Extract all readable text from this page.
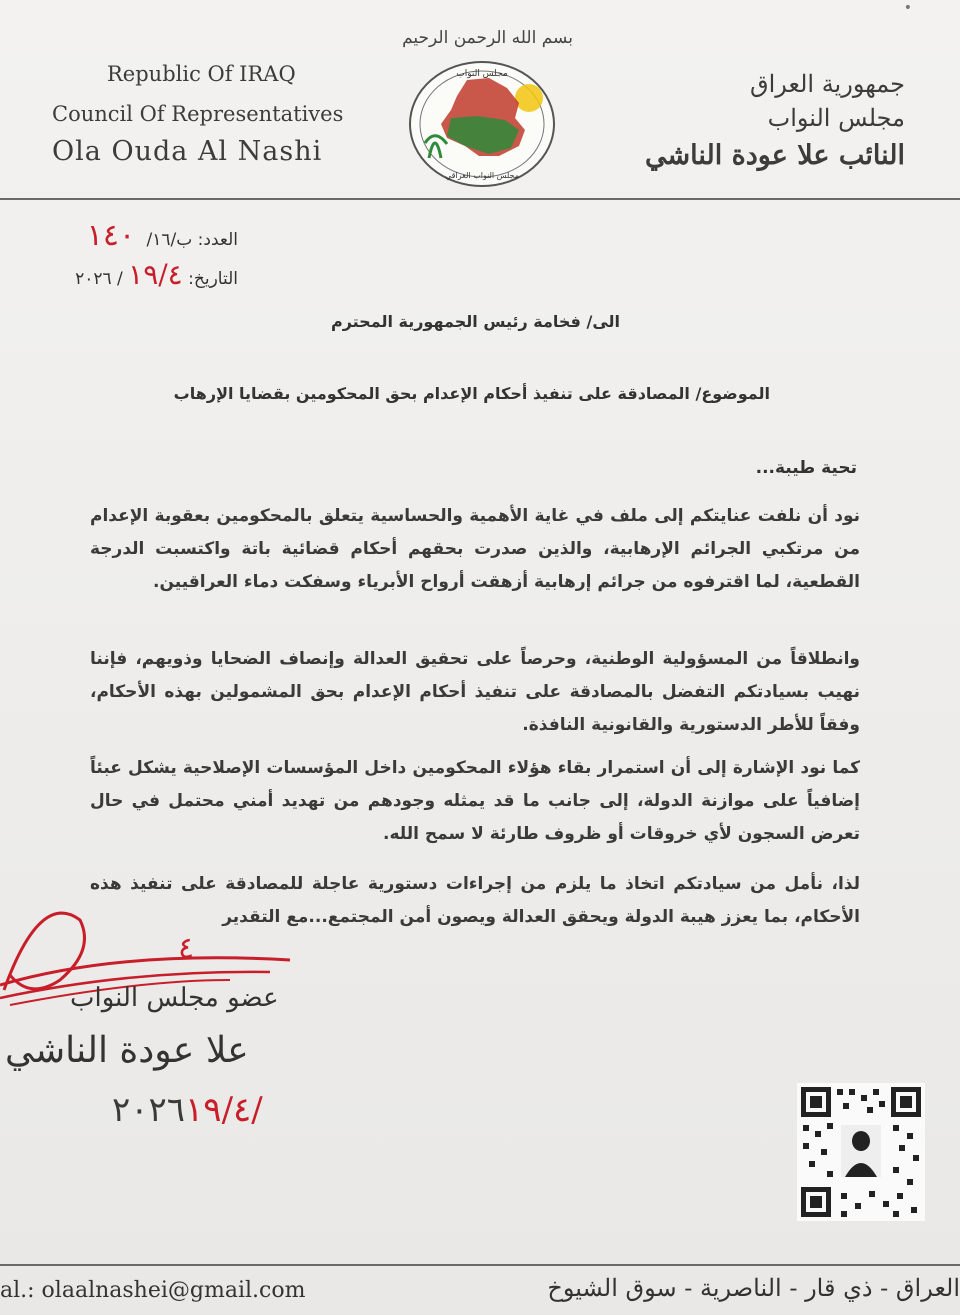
•
بسم الله الرحمن الرحيم
مجلس النواب
مجلس النواب العراقي
Republic Of IRAQ
Council Of Representatives
Ola Ouda Al Nashi
جمهورية العراق
مجلس النواب
النائب علا عودة الناشي
العدد: ب/١٦/ ١٤٠
التاريخ: ١٩/٤ / ٢٠٢٦
الى/ فخامة رئيس الجمهورية المحترم
الموضوع/ المصادقة على تنفيذ أحكام الإعدام بحق المحكومين بقضايا الإرهاب
تحية طيبة...
نود أن نلفت عنايتكم إلى ملف في غاية الأهمية والحساسية يتعلق بالمحكومين بعقوبة الإعدام من مرتكبي الجرائم الإرهابية، والذين صدرت بحقهم أحكام قضائية باتة واكتسبت الدرجة القطعية، لما اقترفوه من جرائم إرهابية أزهقت أرواح الأبرياء وسفكت دماء العراقيين.
وانطلاقاً من المسؤولية الوطنية، وحرصاً على تحقيق العدالة وإنصاف الضحايا وذويهم، فإننا نهيب بسيادتكم التفضل بالمصادقة على تنفيذ أحكام الإعدام بحق المشمولين بهذه الأحكام، وفقاً للأطر الدستورية والقانونية النافذة.
كما نود الإشارة إلى أن استمرار بقاء هؤلاء المحكومين داخل المؤسسات الإصلاحية يشكل عبئاً إضافياً على موازنة الدولة، إلى جانب ما قد يمثله وجودهم من تهديد أمني محتمل في حال تعرض السجون لأي خروقات أو ظروف طارئة لا سمح الله.
لذا، نأمل من سيادتكم اتخاذ ما يلزم من إجراءات دستورية عاجلة للمصادقة على تنفيذ هذه الأحكام، بما يعزز هيبة الدولة ويحقق العدالة ويصون أمن المجتمع...مع التقدير
٤
عضو مجلس النواب
علا عودة الناشي
٢٠٢٦١٩/٤/
al.: olaalnashei@gmail.com	العراق - ذي قار - الناصرية - سوق الشيوخ
